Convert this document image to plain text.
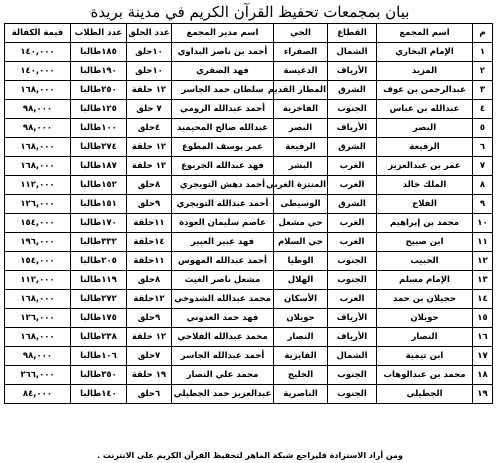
بيان بمجمعات تحفيظ القرآن الكريم في مدينة بريدة
م	اسم المجمع	القطاع	الحي	اسم مدير المجمع	عدد الحلق	عدد الطلاب	قيمة الكفالة
١	الإمام البخاري	الشمال	الصفراء	أحمد بن ناصر البداوي	١٠حلق	١٨٥طالبا	١٤٠,٠٠٠
٢	المزيد	الأرياف	الدعيسة	فهد الصقري	١٠حلق	١٩٠طالبا	١٤٠,٠٠٠
٣	عبدالرحمن بن عوف	الشرق	المطار القديم	سلطان حمد الجاسر	١٢ حلقة	٢٥٠طالبا	١٦٨,٠٠٠
٤	عبدالله بن عباس	الجنوب	الفاخرية	أحمد عبدالله الرومي	٧ حلق	١٢٥طالبا	٩٨,٠٠٠
٥	البصر	الأرياف	البصر	عبدالله صالح المحيميد	٤حلق	١٠٠طالبا	٩٨,٠٠٠
٦	الرفيعة	الشرق	الرفيعة	عمر يوسف المطوع	١٢ حلقة	٢٧٤طالبا	١٦٨,٠٠٠
٧	عمر بن عبدالعزيز	الغرب	البشر	فهد عبدالله الجربوع	١٢ حلقة	١٨٧طالبا	١٦٨,٠٠٠
٨	الملك خالد	الغرب	المنتزة الغربي	أحمد دهش التويجري	٨حلق	١٥٢طالبا	١١٢,٠٠٠
٩	الفلاح	الشرق	الوسيطى	أحمد عبدالله التويجري	٩حلق	١٥١طالبا	١٢٦,٠٠٠
١٠	محمد بن إبراهيم	الغرب	حي مشعل	عاصم سليمان العودة	١١حلقة	١٧٠طالبا	١٥٤,٠٠٠
١١	ابن صبيح	الغرب	حي السلام	فهد عبير العبير	١٤حلقة	٣٣٢طالبا	١٩٦,٠٠٠
١٢	الحبيب	الجنوب	الوطيا	أحمد عبدالله المهوس	١١حلقة	٢٠٥طالبا	١٥٤,٠٠٠
١٣	الإمام مسلم	الجنوب	الهلال	مشعل ناصر الغيث	٨حلق	١١٩طالبا	١١٢,٠٠٠
١٤	حجيلان بن حمد	الغرب	الأسكان	محمد عبدالله الشدوخي	١٢حلقة	٢٧٢طالبا	١٦٨,٠٠٠
١٥	حويلان	الأرياف	حويلان	فهد حمد الغدوني	٩حلق	١٧٥طالبا	١٢٦,٠٠٠
١٦	النصار	الأرياف	النصار	محمد عبدالله الفلاحي	١٢ حلقة	٢٣٨طالبا	١٦٨,٠٠٠
١٧	ابن تيمية	الشمال	الفايزية	أحمد عبدالله الجاسر	٧حلق	١٠٦طالبا	٩٨,٠٠٠
١٨	محمد بن عبدالوهاب	الجنوب	الخليج	محمد علي النصار	١٩ حلقة	٣٥٠طالبا	٢٦٦,٠٠٠
١٩	الجطيلي	الجنوب	الناصرية	عبدالعزيز حمد الجطيلي	٦حلق	١٤٠طالبا	٨٤,٠٠٠
ومن أراد الاستزادة فليراجع شبكة الماهر لتحفيظ القرآن الكريم على الانترنت .
